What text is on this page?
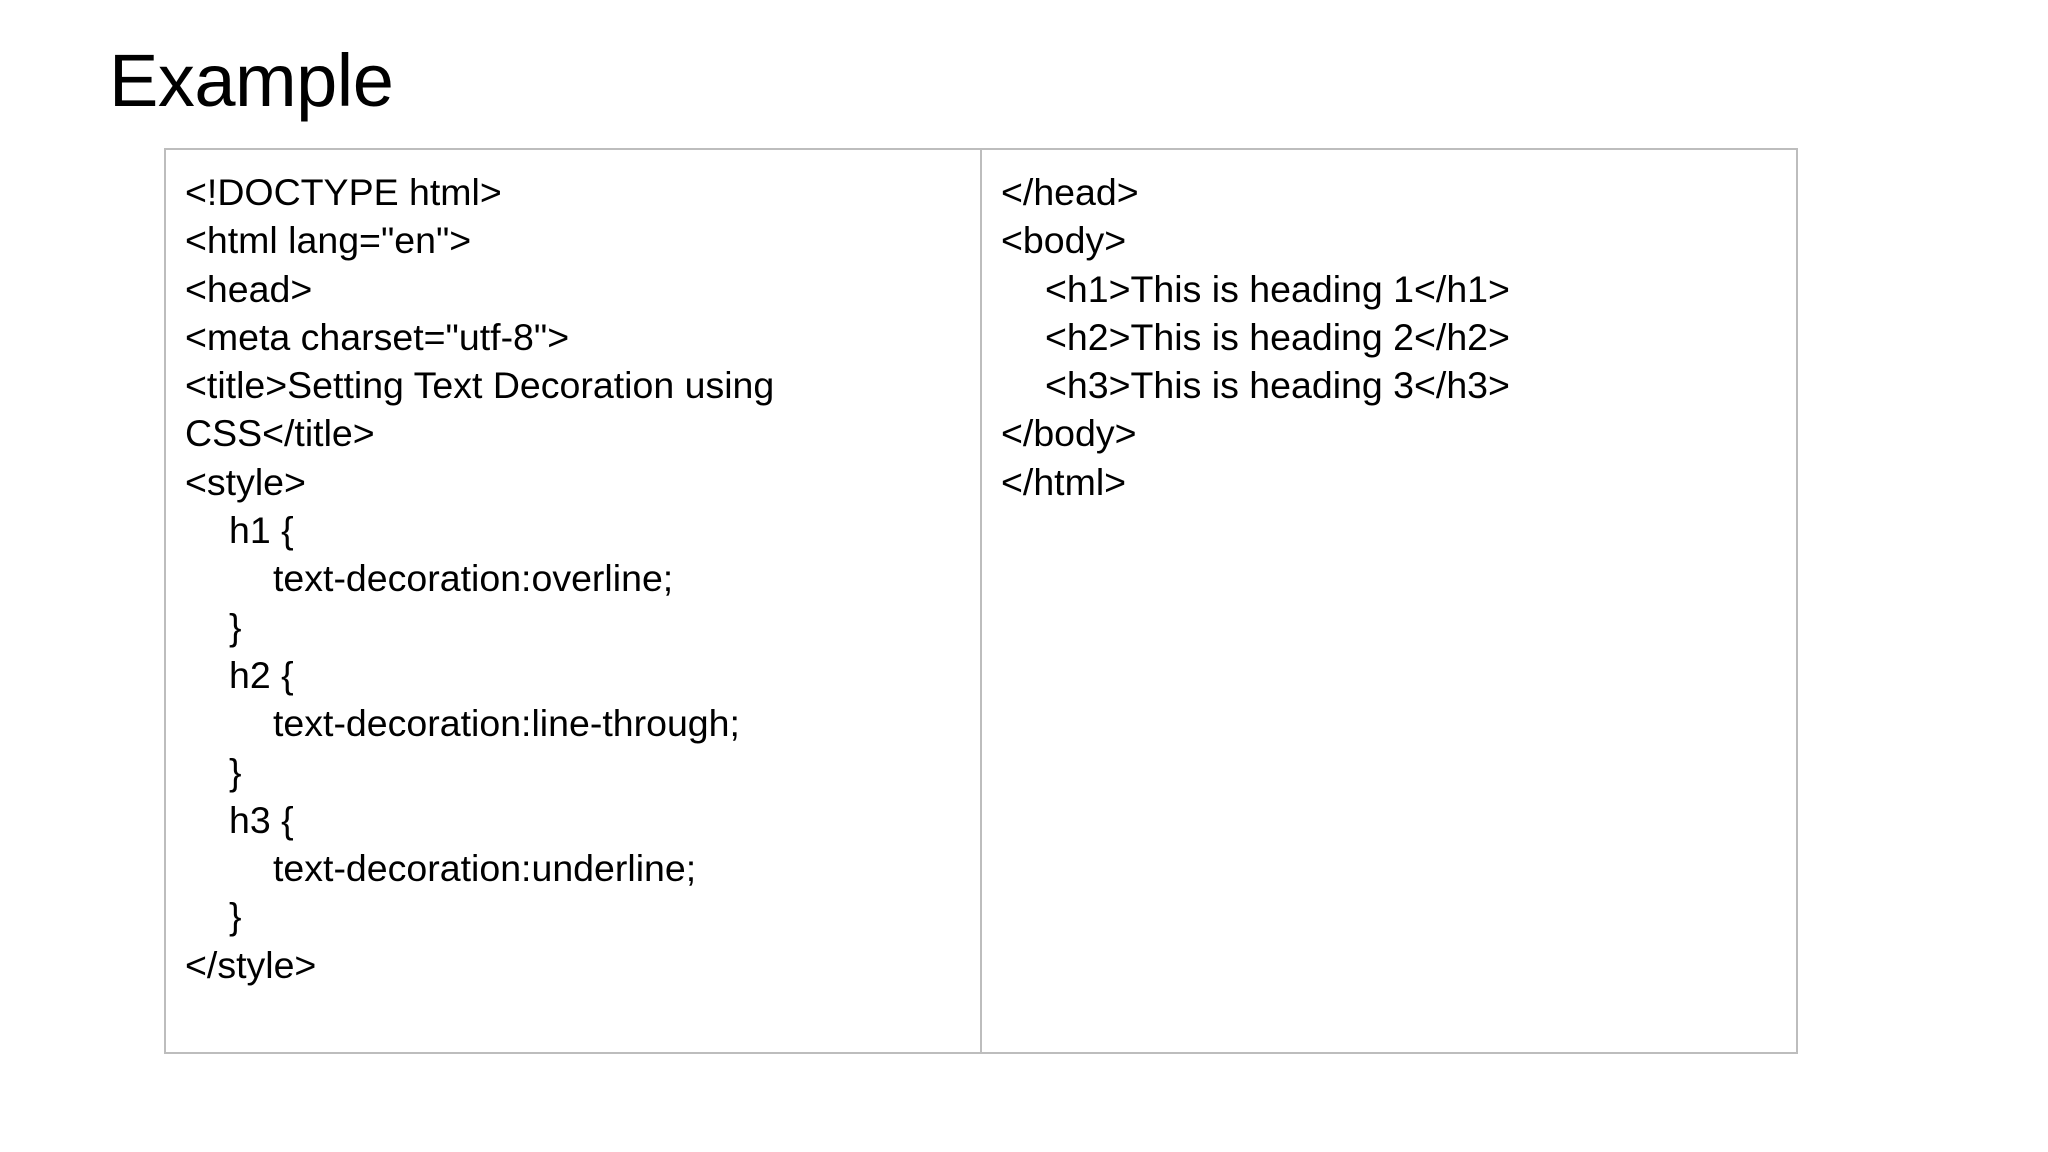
Example
<!DOCTYPE html>
<html lang="en">
<head>
<meta charset="utf-8">
<title>Setting Text Decoration using
CSS</title>
<style>
h1 {
text-decoration:overline;
}
h2 {
text-decoration:line-through;
}
h3 {
text-decoration:underline;
}
</style>
</head>
<body>
<h1>This is heading 1</h1>
<h2>This is heading 2</h2>
<h3>This is heading 3</h3>
</body>
</html>
